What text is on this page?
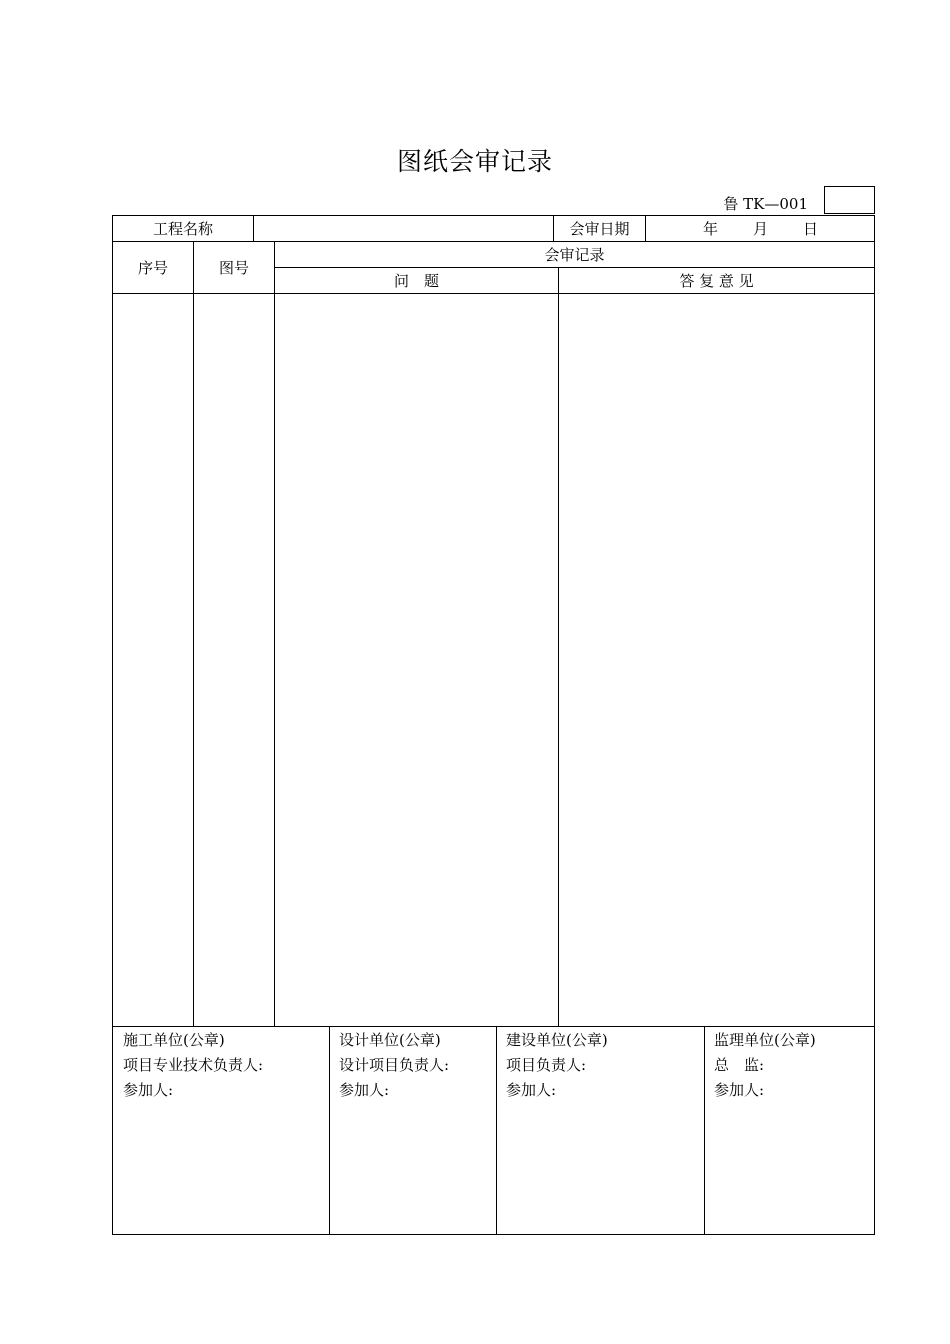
图纸会审记录
鲁 TK—001
工程名称	会审日期	年 月 日
序号	图号
会审记录
问　题	答 复 意 见
施工单位(公章)
项目专业技术负责人:
参加人:
设计单位(公章)
设计项目负责人:
参加人:
建设单位(公章)
项目负责人:
参加人:
监理单位(公章)
总　监:
参加人:
